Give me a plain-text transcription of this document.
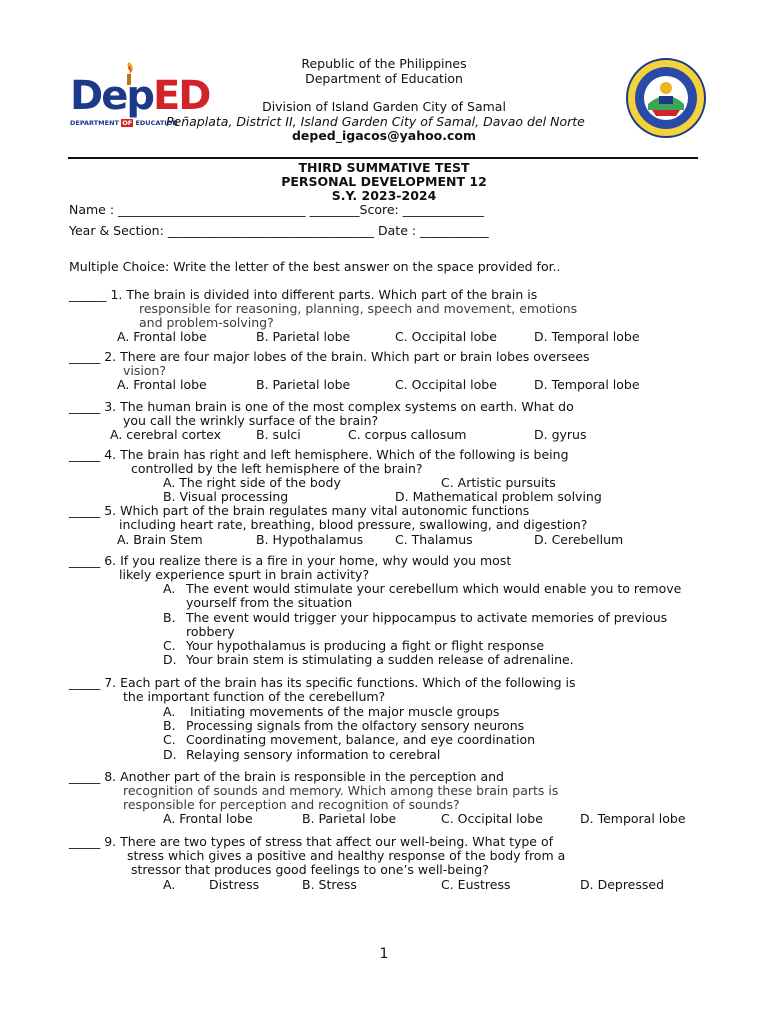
DepED
DEPARTMENT OF EDUCATION
Republic of the Philippines
Department of Education
Division of Island Garden City of Samal
Peñaplata, District II, Island Garden City of Samal, Davao del Norte
deped_igacos@yahoo.com
THIRD SUMMATIVE TEST
PERSONAL DEVELOPMENT 12
S.Y. 2023-2024
Name : ______________________________ ________Score: _____________
Year & Section: _________________________________ Date : ___________
Multiple Choice: Write the letter of the best answer on the space provided for..
______ 1. The brain is divided into different parts. Which part of the brain is
responsible for reasoning, planning, speech and movement, emotions
and problem-solving?
A. Frontal lobe	B. Parietal lobe	C. Occipital lobe	D. Temporal lobe
_____ 2. There are four major lobes of the brain. Which part or brain lobes oversees
vision?
A. Frontal lobe	B. Parietal lobe	C. Occipital lobe	D. Temporal lobe
_____ 3. The human brain is one of the most complex systems on earth. What do
you call the wrinkly surface of the brain?
A. cerebral cortex	B. sulci	C. corpus callosum	D. gyrus
_____ 4. The brain has right and left hemisphere. Which of the following is being
controlled by the left hemisphere of the brain?
A. The right side of the body	C. Artistic pursuits
B. Visual processing	D. Mathematical problem solving
_____ 5. Which part of the brain regulates many vital autonomic functions
including heart rate, breathing, blood pressure, swallowing, and digestion?
A. Brain Stem	B. Hypothalamus	C. Thalamus	D. Cerebellum
_____ 6. If you realize there is a fire in your home, why would you most
likely experience spurt in brain activity?
A. The event would stimulate your cerebellum which would enable you to remove
yourself from the situation
B. The event would trigger your hippocampus to activate memories of previous
robbery
C. Your hypothalamus is producing a fight or flight response
D. Your brain stem is stimulating a sudden release of adrenaline.
_____ 7. Each part of the brain has its specific functions. Which of the following is
the important function of the cerebellum?
A. Initiating movements of the major muscle groups
B. Processing signals from the olfactory sensory neurons
C. Coordinating movement, balance, and eye coordination
D. Relaying sensory information to cerebral
_____ 8. Another part of the brain is responsible in the perception and
recognition of sounds and memory. Which among these brain parts is
responsible for perception and recognition of sounds?
A. Frontal lobe	B. Parietal lobe	C. Occipital lobe	D. Temporal lobe
_____ 9. There are two types of stress that affect our well-being. What type of
stress which gives a positive and healthy response of the body from a
stressor that produces good feelings to one’s well-being?
A.	Distress	B. Stress	C. Eustress	D. Depressed
1
